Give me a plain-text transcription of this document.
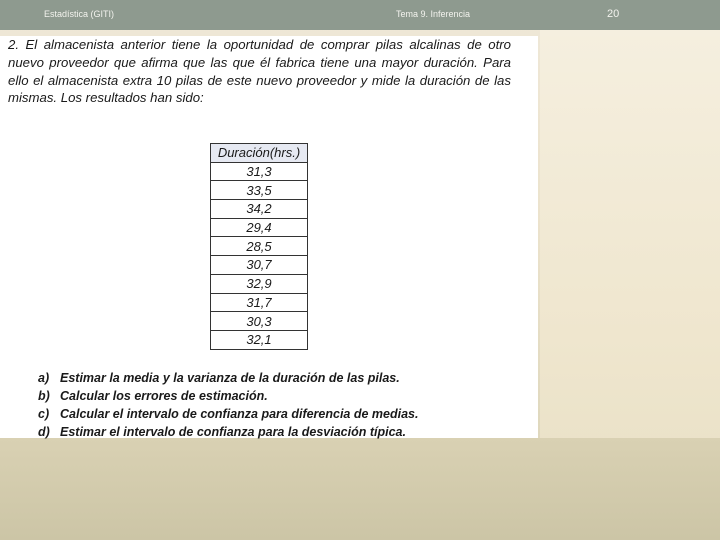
Estadística (GITI)	Tema 9. Inferencia	20

2. El almacenista anterior tiene la oportunidad de comprar pilas alcalinas de otro nuevo proveedor que afirma que las que él fabrica tiene una mayor duración. Para ello el almacenista extra 10 pilas de este nuevo proveedor y mide la duración de las mismas. Los resultados han sido:

Duración(hrs.)
31,3
33,5
34,2
29,4
28,5
30,7
32,9
31,7
30,3
32,1
a) Estimar la media y la varianza de la duración de las pilas.
b) Calcular los errores de estimación.
c) Calcular el intervalo de confianza para diferencia de medias.
d) Estimar el intervalo de confianza para la desviación típica.
